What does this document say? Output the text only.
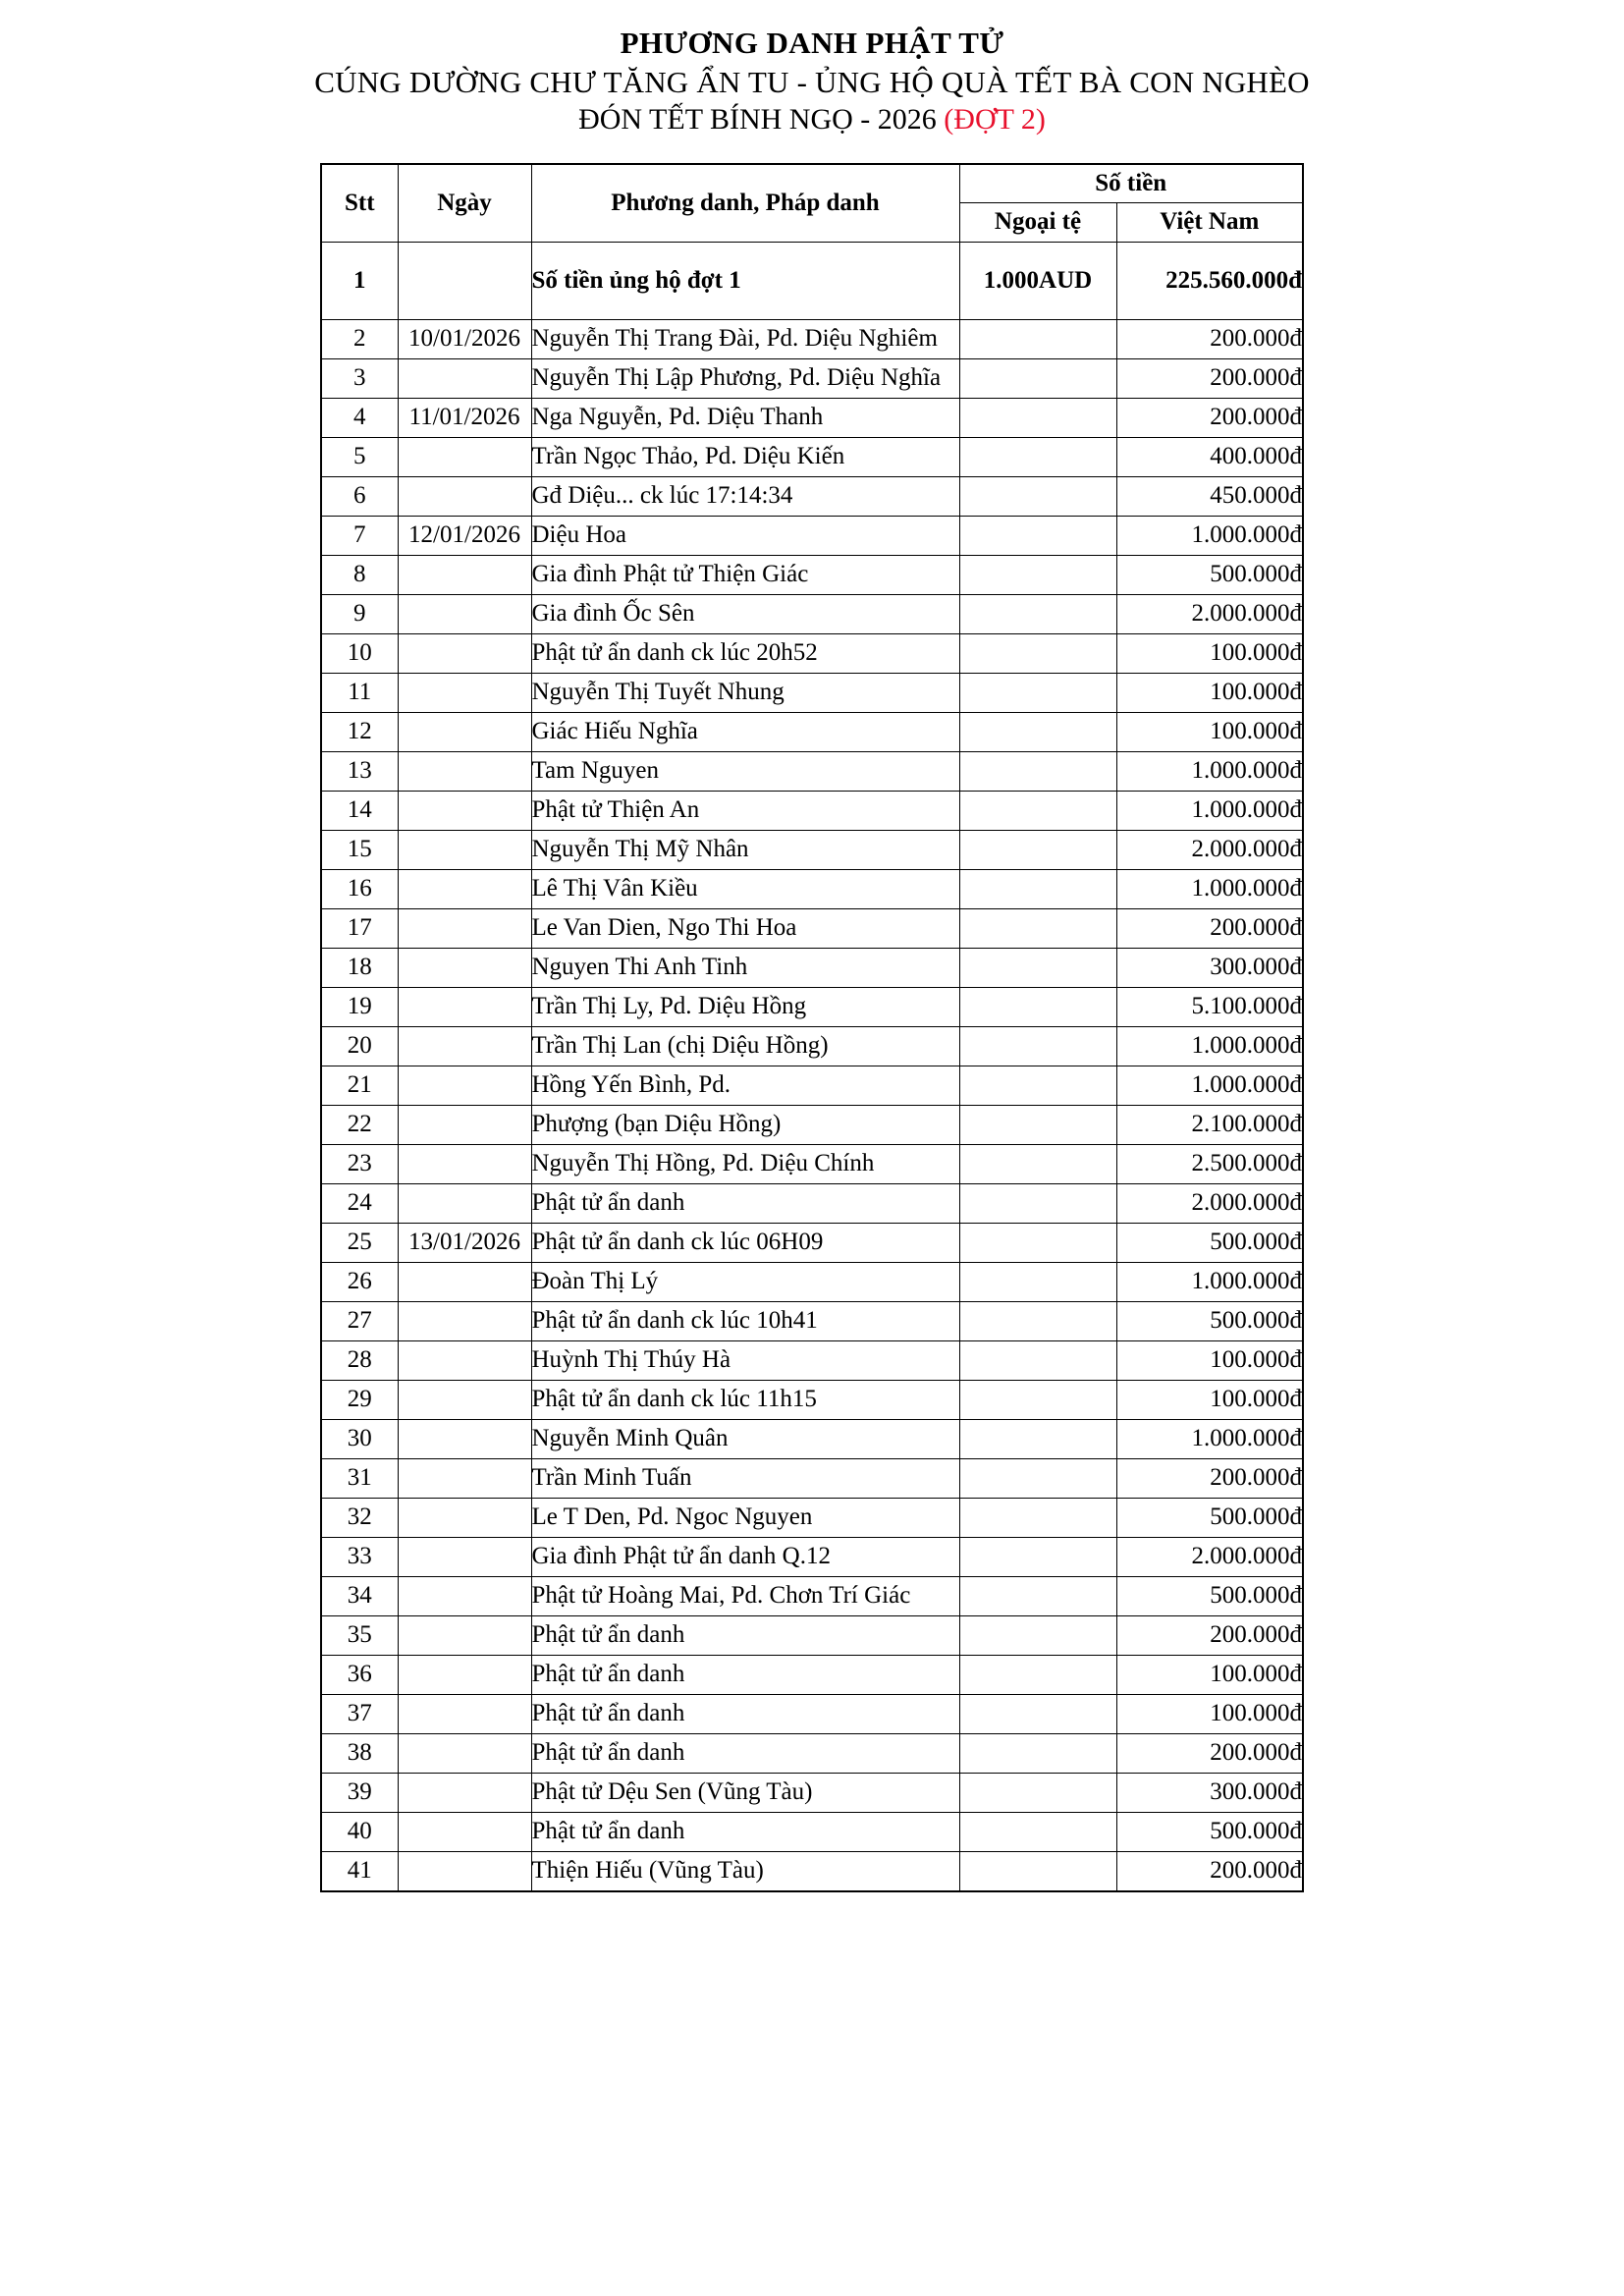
PHƯƠNG DANH PHẬT TỬ
CÚNG DƯỜNG CHƯ TĂNG ẨN TU - ỦNG HỘ QUÀ TẾT BÀ CON NGHÈO
ĐÓN TẾT BÍNH NGỌ - 2026 (ĐỢT 2)
Stt	Ngày	Phương danh, Pháp danh	Số tiền	
			Ngoại tệ	Việt Nam
1		Số tiền ủng hộ đợt 1	1.000AUD	225.560.000đ
2	10/01/2026	Nguyễn Thị Trang Đài, Pd. Diệu Nghiêm		200.000đ
3		Nguyễn Thị Lập Phương, Pd. Diệu Nghĩa		200.000đ
4	11/01/2026	Nga Nguyễn, Pd. Diệu Thanh		200.000đ
5		Trần Ngọc Thảo, Pd. Diệu Kiến		400.000đ
6		Gđ Diệu... ck lúc 17:14:34		450.000đ
7	12/01/2026	Diệu Hoa		1.000.000đ
8		Gia đình Phật tử Thiện Giác		500.000đ
9		Gia đình Ốc Sên		2.000.000đ
10		Phật tử ẩn danh ck lúc 20h52		100.000đ
11		Nguyễn Thị Tuyết Nhung		100.000đ
12		Giác Hiếu Nghĩa		100.000đ
13		Tam Nguyen		1.000.000đ
14		Phật tử Thiện An		1.000.000đ
15		Nguyễn Thị Mỹ Nhân		2.000.000đ
16		Lê Thị Vân Kiều		1.000.000đ
17		Le Van Dien, Ngo Thi Hoa		200.000đ
18		Nguyen Thi Anh Tinh		300.000đ
19		Trần Thị Ly, Pd. Diệu Hồng		5.100.000đ
20		Trần Thị Lan (chị Diệu Hồng)		1.000.000đ
21		Hồng Yến Bình, Pd.		1.000.000đ
22		Phượng (bạn Diệu Hồng)		2.100.000đ
23		Nguyễn Thị Hồng, Pd. Diệu Chính		2.500.000đ
24		Phật tử ẩn danh		2.000.000đ
25	13/01/2026	Phật tử ẩn danh ck lúc 06H09		500.000đ
26		Đoàn Thị Lý		1.000.000đ
27		Phật tử ẩn danh ck lúc 10h41		500.000đ
28		Huỳnh Thị Thúy Hà		100.000đ
29		Phật tử ẩn danh ck lúc 11h15		100.000đ
30		Nguyễn Minh Quân		1.000.000đ
31		Trần Minh Tuấn		200.000đ
32		Le T Den, Pd. Ngoc Nguyen		500.000đ
33		Gia đình Phật tử ẩn danh Q.12		2.000.000đ
34		Phật tử Hoàng Mai, Pd. Chơn Trí Giác		500.000đ
35		Phật tử ẩn danh		200.000đ
36		Phật tử ẩn danh		100.000đ
37		Phật tử ẩn danh		100.000đ
38		Phật tử ẩn danh		200.000đ
39		Phật tử Dệu Sen (Vũng Tàu)		300.000đ
40		Phật tử ẩn danh		500.000đ
41		Thiện Hiếu (Vũng Tàu)		200.000đ
